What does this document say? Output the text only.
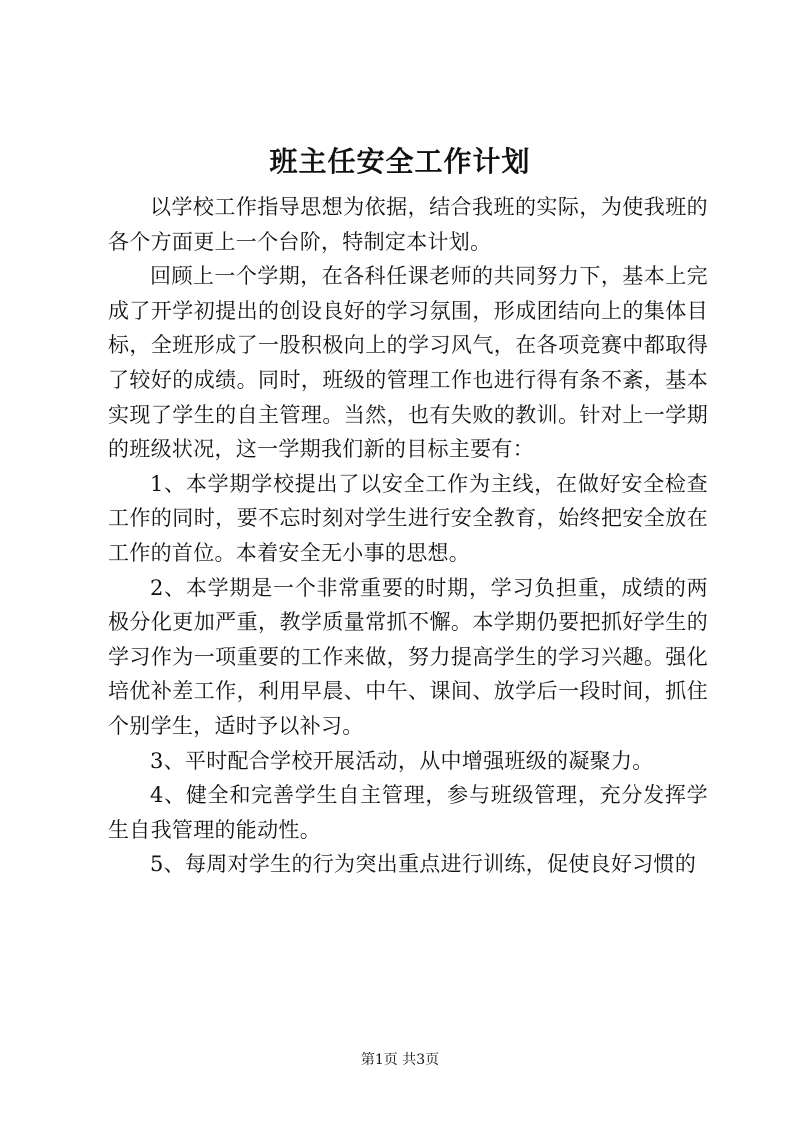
班主任安全工作计划

以学校工作指导思想为依据，结合我班的实际，为使我班的各个方面更上一个台阶，特制定本计划。

回顾上一个学期，在各科任课老师的共同努力下，基本上完成了开学初提出的创设良好的学习氛围，形成团结向上的集体目标，全班形成了一股积极向上的学习风气，在各项竞赛中都取得了较好的成绩。同时，班级的管理工作也进行得有条不紊，基本实现了学生的自主管理。当然，也有失败的教训。针对上一学期的班级状况，这一学期我们新的目标主要有：

1、本学期学校提出了以安全工作为主线，在做好安全检查工作的同时，要不忘时刻对学生进行安全教育，始终把安全放在工作的首位。本着安全无小事的思想。

2、本学期是一个非常重要的时期，学习负担重，成绩的两极分化更加严重，教学质量常抓不懈。本学期仍要把抓好学生的学习作为一项重要的工作来做，努力提高学生的学习兴趣。强化培优补差工作，利用早晨、中午、课间、放学后一段时间，抓住个别学生，适时予以补习。

3、平时配合学校开展活动，从中增强班级的凝聚力。

4、健全和完善学生自主管理，参与班级管理，充分发挥学生自我管理的能动性。

5、每周对学生的行为突出重点进行训练，促使良好习惯的

第1页 共3页
